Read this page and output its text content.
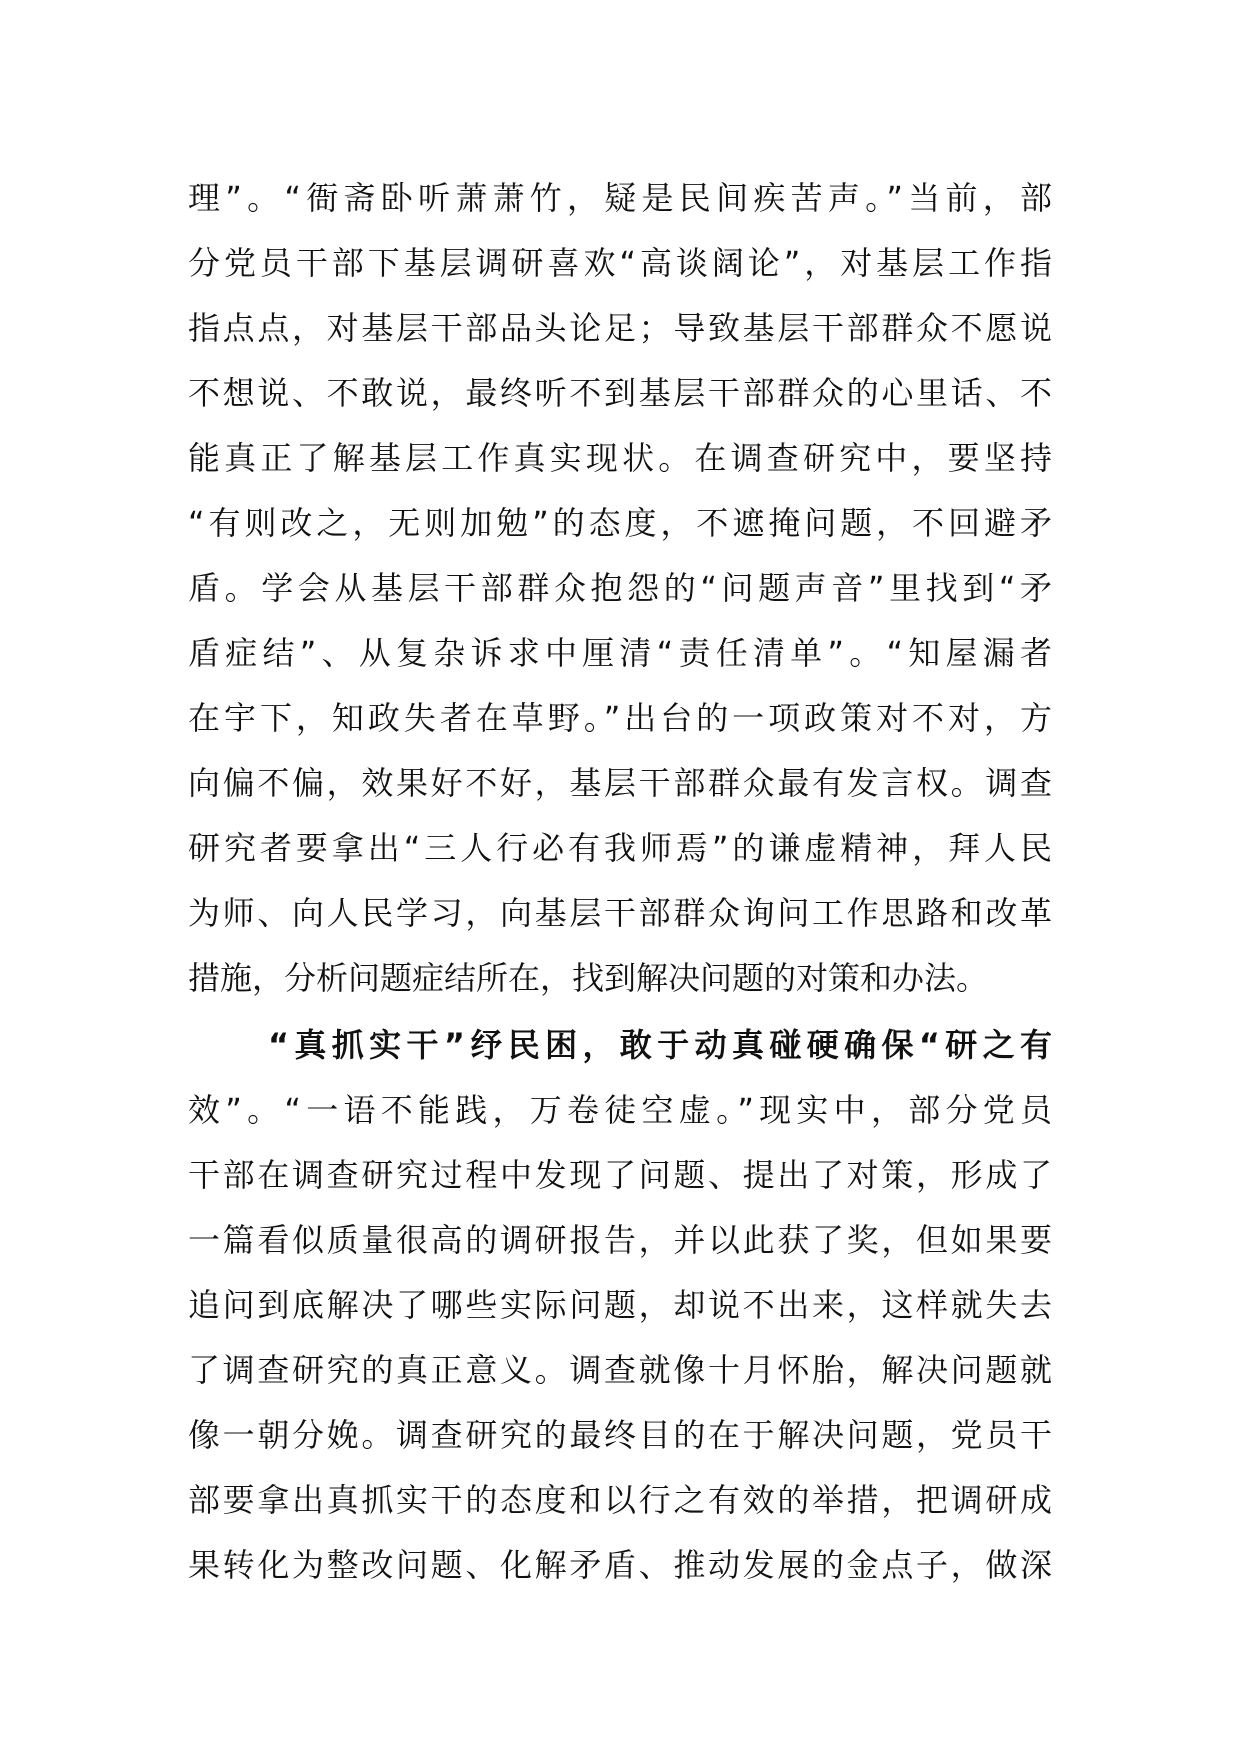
理”。“衙斋卧听萧萧竹，疑是民间疾苦声。”当前，部
分党员干部下基层调研喜欢“高谈阔论”，对基层工作指
指点点，对基层干部品头论足；导致基层干部群众不愿说
不想说、不敢说，最终听不到基层干部群众的心里话、不
能真正了解基层工作真实现状。在调查研究中，要坚持
“有则改之，无则加勉”的态度，不遮掩问题，不回避矛
盾。学会从基层干部群众抱怨的“问题声音”里找到“矛
盾症结”、从复杂诉求中厘清“责任清单”。“知屋漏者
在宇下，知政失者在草野。”出台的一项政策对不对，方
向偏不偏，效果好不好，基层干部群众最有发言权。调查
研究者要拿出“三人行必有我师焉”的谦虚精神，拜人民
为师、向人民学习，向基层干部群众询问工作思路和改革
措施，分析问题症结所在，找到解决问题的对策和办法。
“真抓实干”纾民困，敢于动真碰硬确保“研之有
效”。“一语不能践，万卷徒空虚。”现实中，部分党员
干部在调查研究过程中发现了问题、提出了对策，形成了
一篇看似质量很高的调研报告，并以此获了奖，但如果要
追问到底解决了哪些实际问题，却说不出来，这样就失去
了调查研究的真正意义。调查就像十月怀胎，解决问题就
像一朝分娩。调查研究的最终目的在于解决问题，党员干
部要拿出真抓实干的态度和以行之有效的举措，把调研成
果转化为整改问题、化解矛盾、推动发展的金点子，做深
